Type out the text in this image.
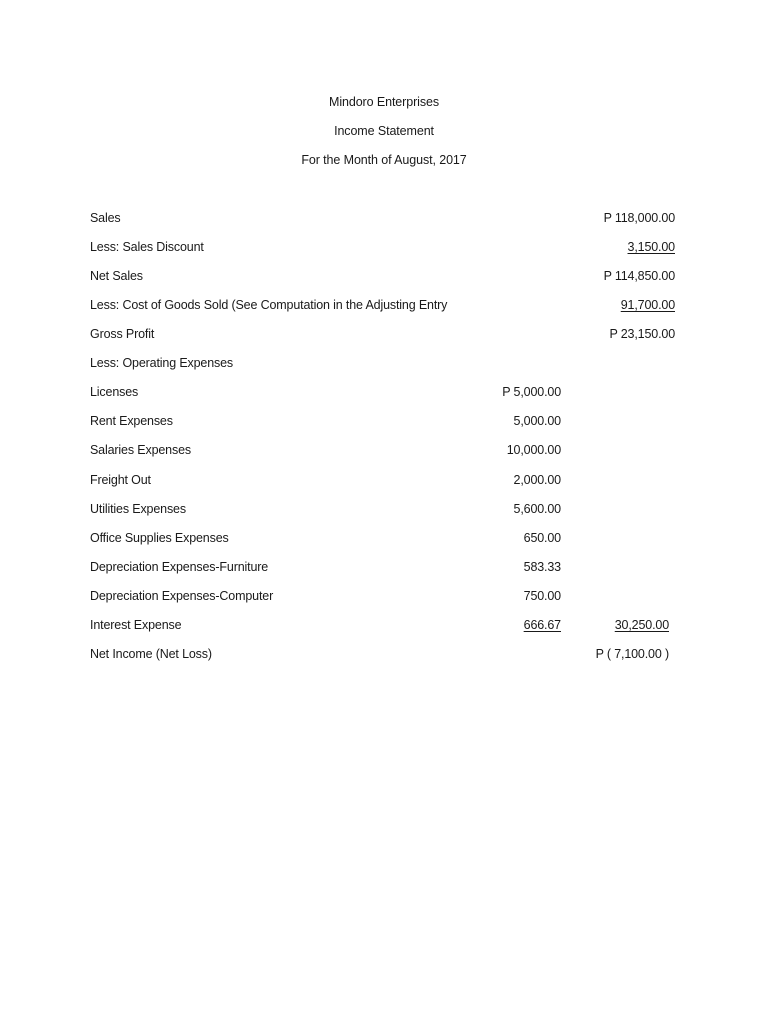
Mindoro Enterprises
Income Statement
For the Month of August, 2017
Sales	P 118,000.00
Less: Sales Discount	3,150.00
Net Sales	P 114,850.00
Less: Cost of Goods Sold (See Computation in the Adjusting Entry	91,700.00
Gross Profit	P 23,150.00
Less: Operating Expenses
Licenses	P 5,000.00
Rent Expenses	5,000.00
Salaries Expenses	10,000.00
Freight Out	2,000.00
Utilities Expenses	5,600.00
Office Supplies Expenses	650.00
Depreciation Expenses-Furniture	583.33
Depreciation Expenses-Computer	750.00
Interest Expense	666.67	30,250.00
Net Income (Net Loss)	P ( 7,100.00 )
